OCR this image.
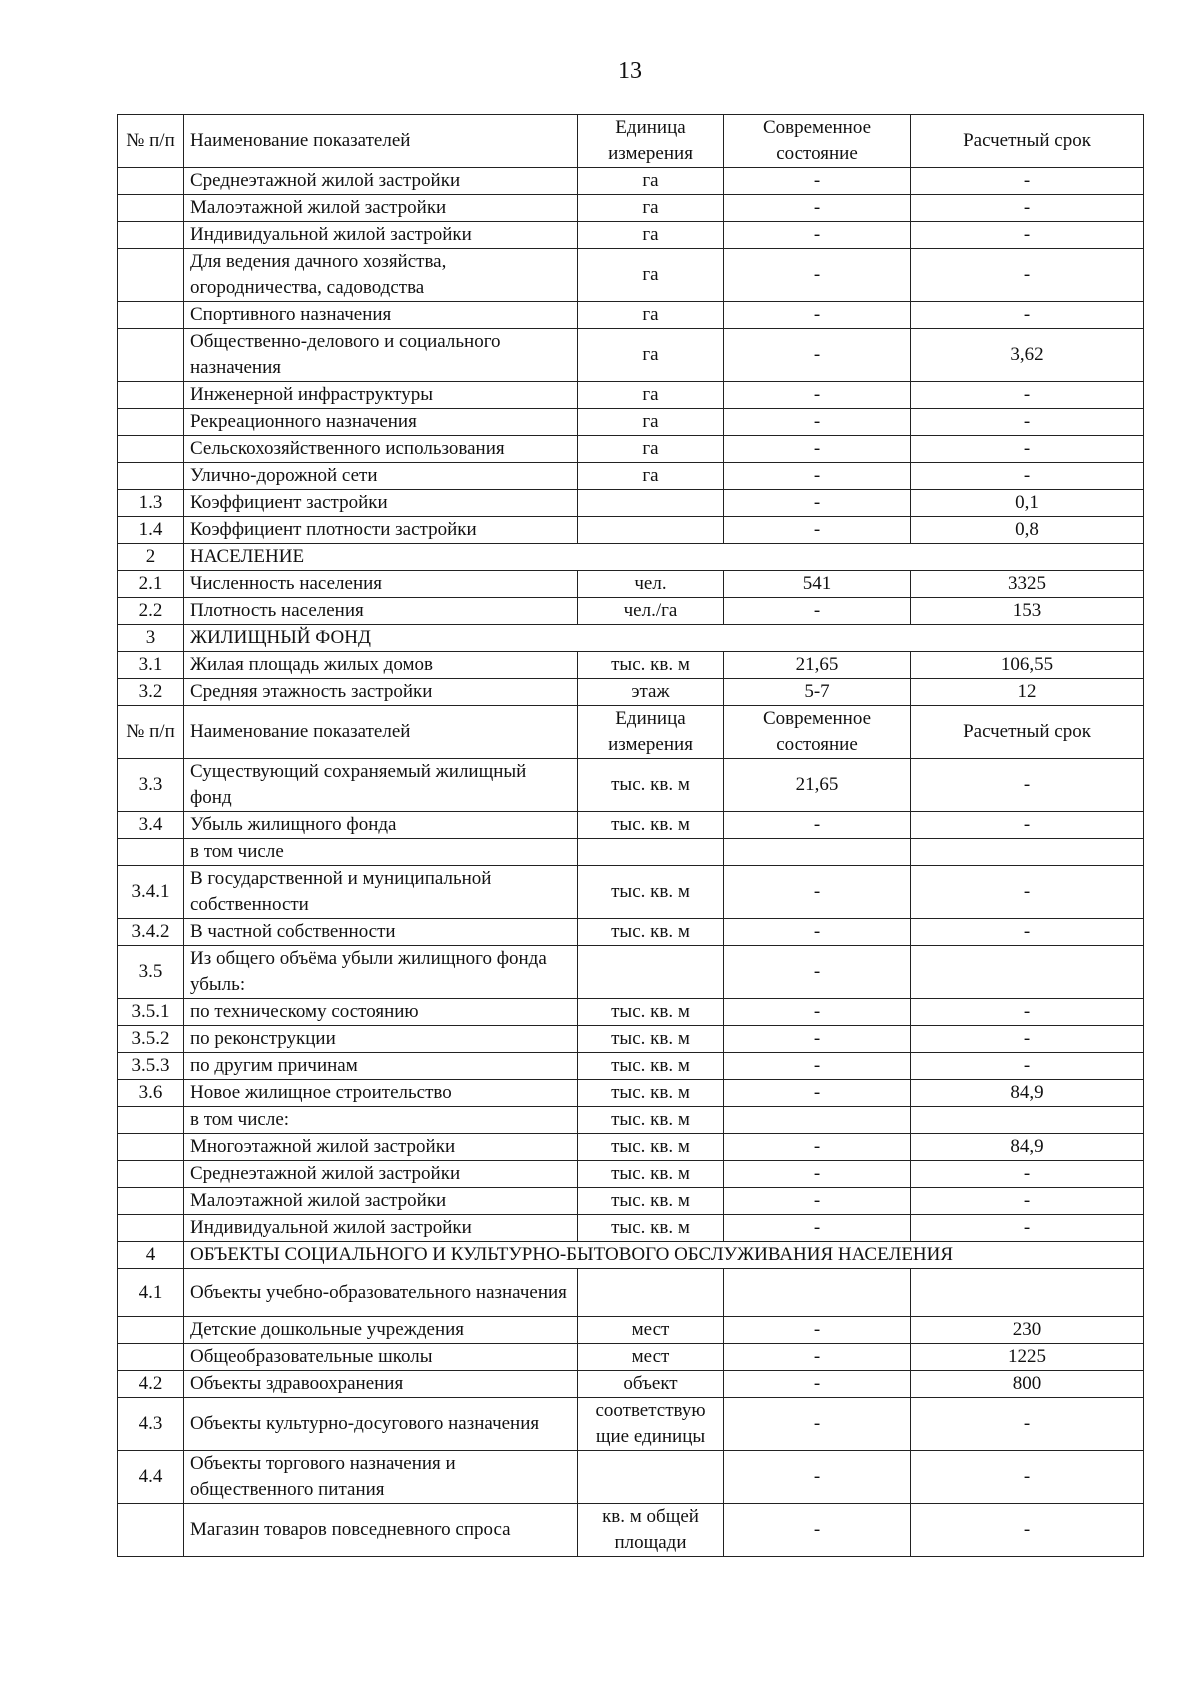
13
№ п/п	Наименование показателей	Единица измерения	Современное состояние	Расчетный срок
	Среднеэтажной жилой застройки	га	-	-
	Малоэтажной жилой застройки	га	-	-
	Индивидуальной жилой застройки	га	-	-
	Для ведения дачного хозяйства, огородничества, садоводства	га	-	-
	Спортивного назначения	га	-	-
	Общественно-делового и социального назначения	га	-	3,62
	Инженерной инфраструктуры	га	-	-
	Рекреационного назначения	га	-	-
	Сельскохозяйственного использования	га	-	-
	Улично-дорожной сети	га	-	-
1.3	Коэффициент застройки		-	0,1
1.4	Коэффициент плотности застройки		-	0,8
2	НАСЕЛЕНИЕ			
2.1	Численность населения	чел.	541	3325
2.2	Плотность населения	чел./га	-	153
3	ЖИЛИЩНЫЙ ФОНД			
3.1	Жилая площадь жилых домов	тыс. кв. м	21,65	106,55
3.2	Средняя этажность застройки	этаж	5-7	12
№ п/п	Наименование показателей	Единица измерения	Современное состояние	Расчетный срок
3.3	Существующий сохраняемый жилищный фонд	тыс. кв. м	21,65	-
3.4	Убыль жилищного фонда	тыс. кв. м	-	-
	в том числе			
3.4.1	В государственной и муниципальной собственности	тыс. кв. м	-	-
3.4.2	В частной собственности	тыс. кв. м	-	-
3.5	Из общего объёма убыли жилищного фонда убыль:		-	
3.5.1	по техническому состоянию	тыс. кв. м	-	-
3.5.2	по реконструкции	тыс. кв. м	-	-
3.5.3	по другим причинам	тыс. кв. м	-	-
3.6	Новое жилищное строительство	тыс. кв. м	-	84,9
	в том числе:	тыс. кв. м		
	Многоэтажной жилой застройки	тыс. кв. м	-	84,9
	Среднеэтажной жилой застройки	тыс. кв. м	-	-
	Малоэтажной жилой застройки	тыс. кв. м	-	-
	Индивидуальной жилой застройки	тыс. кв. м	-	-
4	ОБЪЕКТЫ СОЦИАЛЬНОГО И КУЛЬТУРНО-БЫТОВОГО ОБСЛУЖИВАНИЯ НАСЕЛЕНИЯ			
4.1	Объекты учебно-образовательного назначения			
	Детские дошкольные учреждения	мест	-	230
	Общеобразовательные школы	мест	-	1225
4.2	Объекты здравоохранения	объект	-	800
4.3	Объекты культурно-досугового назначения	соответствую щие единицы	-	-
4.4	Объекты торгового назначения и общественного питания		-	-
	Магазин товаров повседневного спроса	кв. м общей площади	-	-
